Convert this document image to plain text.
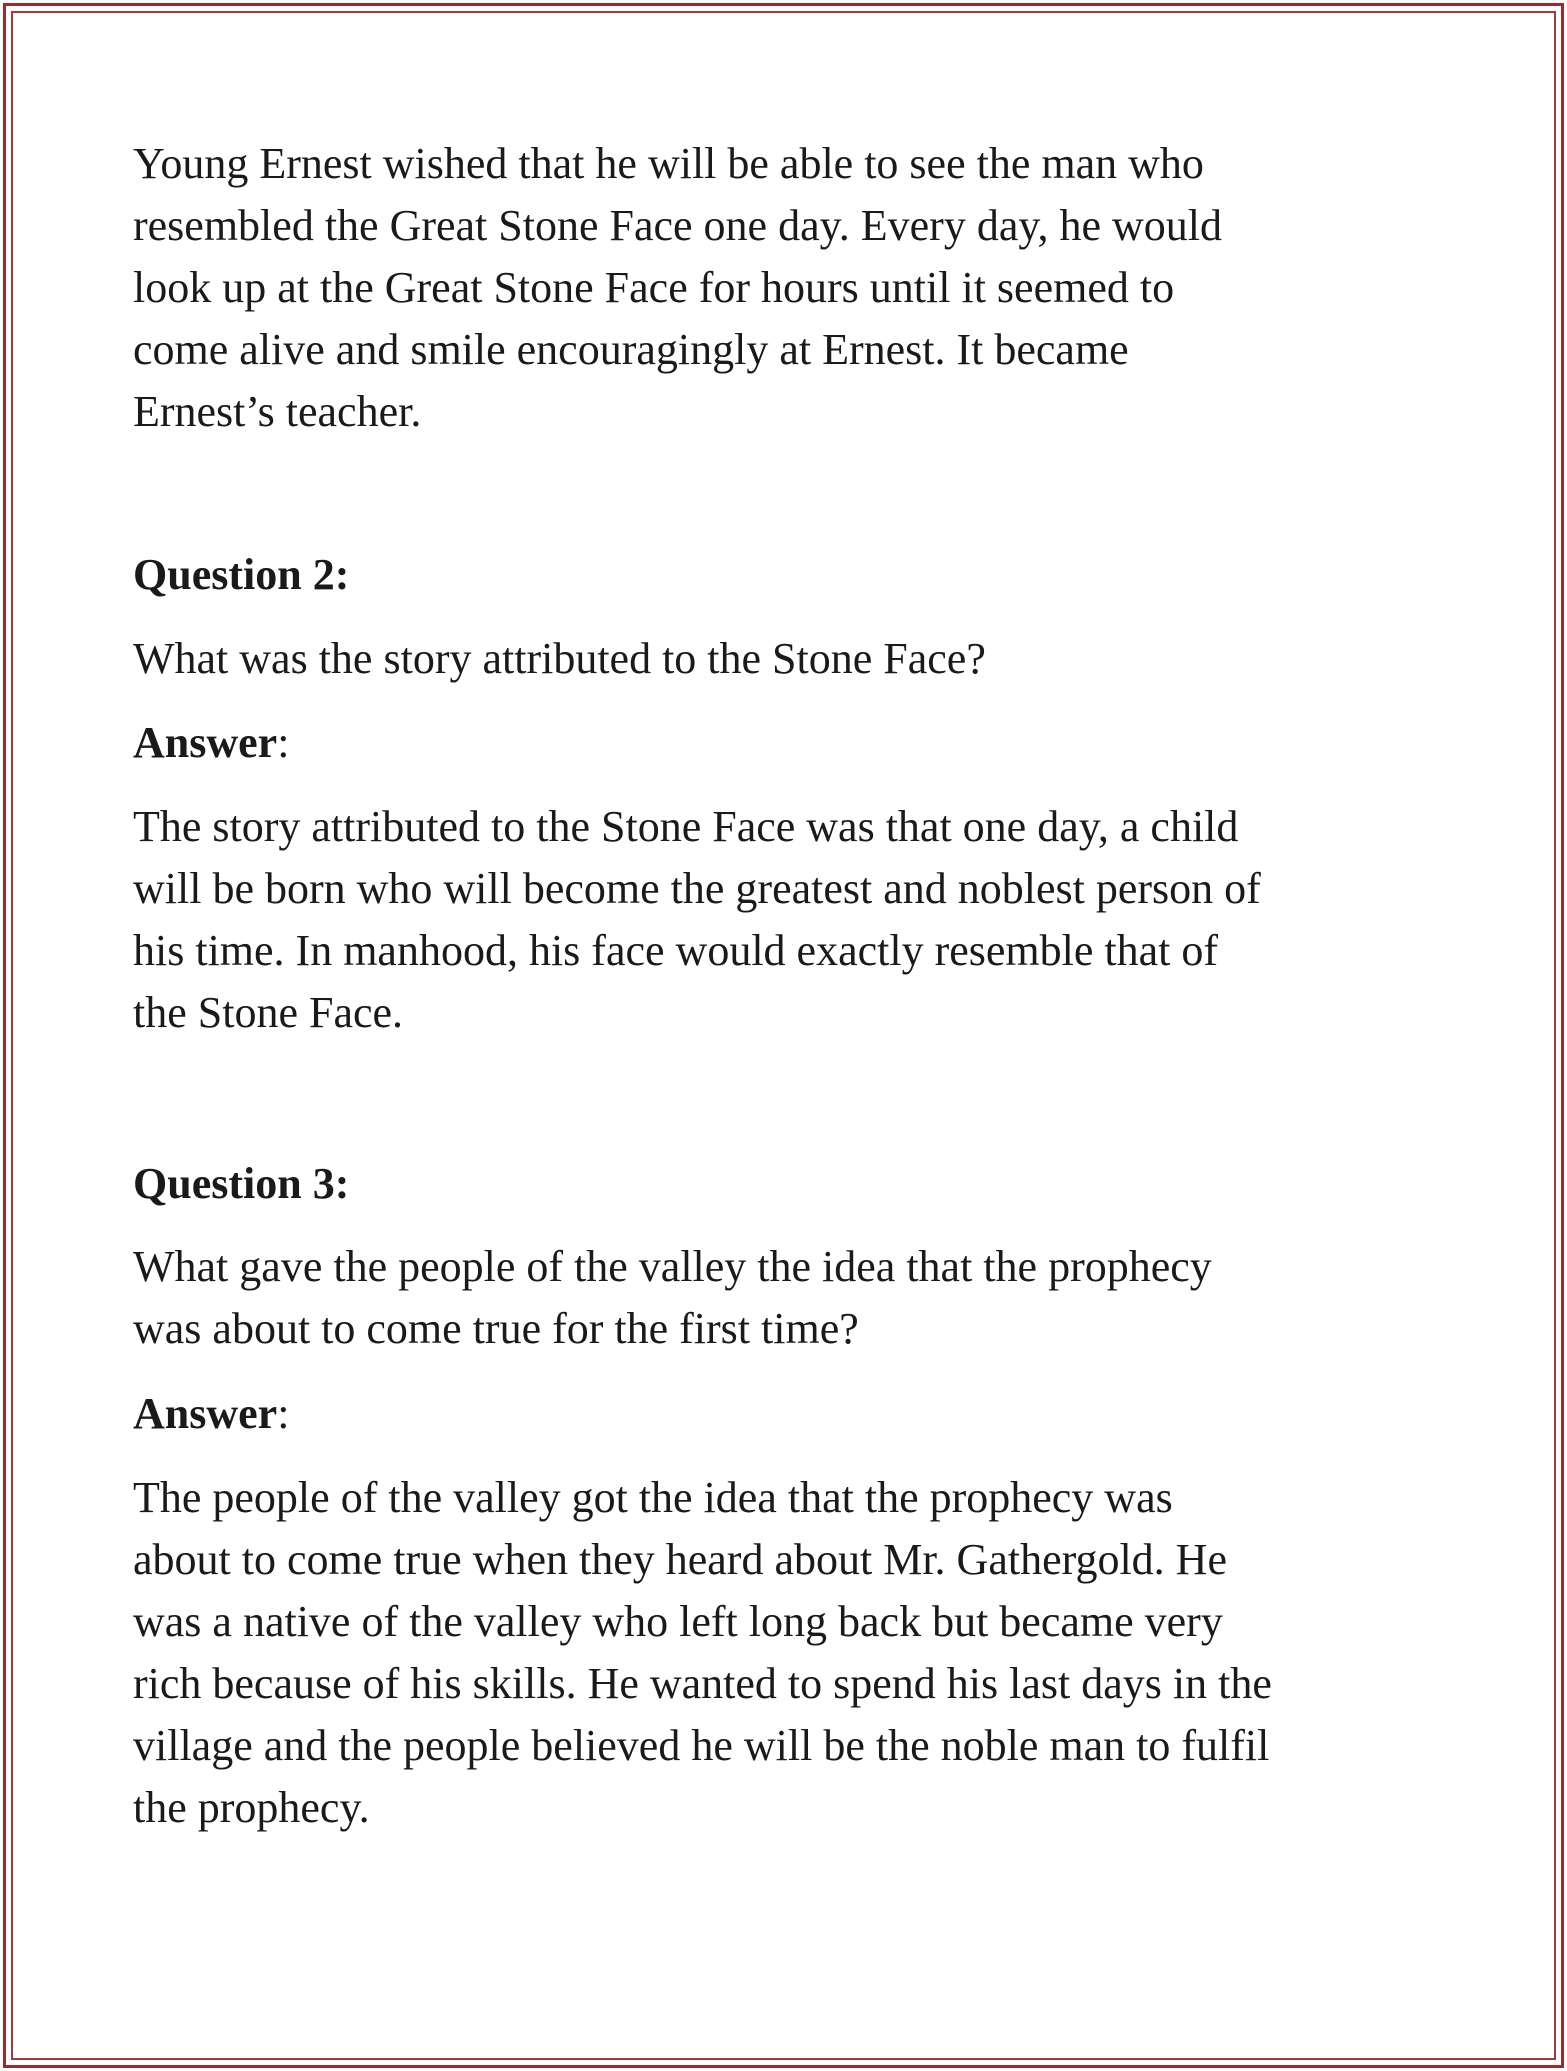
Young Ernest wished that he will be able to see the man who
resembled the Great Stone Face one day. Every day, he would
look up at the Great Stone Face for hours until it seemed to
come alive and smile encouragingly at Ernest. It became
Ernest’s teacher.

Question 2:

What was the story attributed to the Stone Face?

Answer:

The story attributed to the Stone Face was that one day, a child
will be born who will become the greatest and noblest person of
his time. In manhood, his face would exactly resemble that of
the Stone Face.

Question 3:

What gave the people of the valley the idea that the prophecy
was about to come true for the first time?

Answer:

The people of the valley got the idea that the prophecy was
about to come true when they heard about Mr. Gathergold. He
was a native of the valley who left long back but became very
rich because of his skills. He wanted to spend his last days in the
village and the people believed he will be the noble man to fulfil
the prophecy.
